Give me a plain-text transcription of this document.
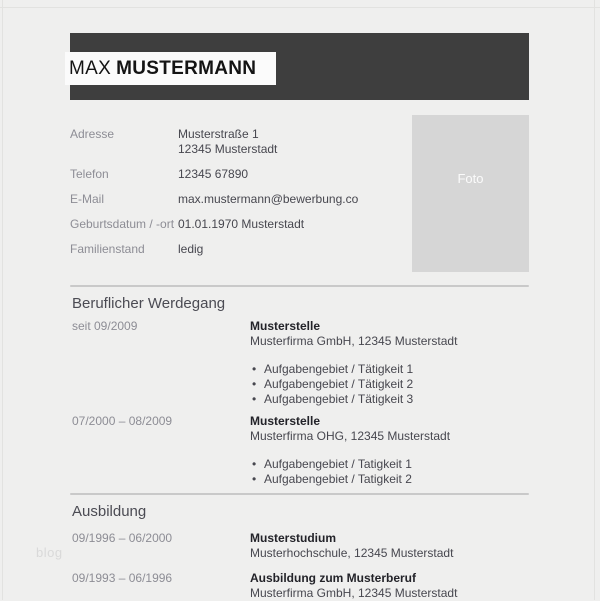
MAX MUSTERMANN
Foto
Adresse	Musterstraße 1
12345 Musterstadt
Telefon	12345 67890
E-Mail	max.mustermann@bewerbung.co
Geburtsdatum / -ort 01.01.1970 Musterstadt
Familienstand	ledig
Beruflicher Werdegang
seit 09/2009	Musterstelle
Musterfirma GmbH, 12345 Musterstadt
• Aufgabengebiet / Tätigkeit 1
• Aufgabengebiet / Tätigkeit 2
• Aufgabengebiet / Tätigkeit 3
07/2000 – 08/2009	Musterstelle
Musterfirma OHG, 12345 Musterstadt
• Aufgabengebiet / Tatigkeit 1
• Aufgabengebiet / Tatigkeit 2
Ausbildung
09/1996 – 06/2000	Musterstudium
Musterhochschule, 12345 Musterstadt
09/1993 – 06/1996	Ausbildung zum Musterberuf
Musterfirma GmbH, 12345 Musterstadt
blog
